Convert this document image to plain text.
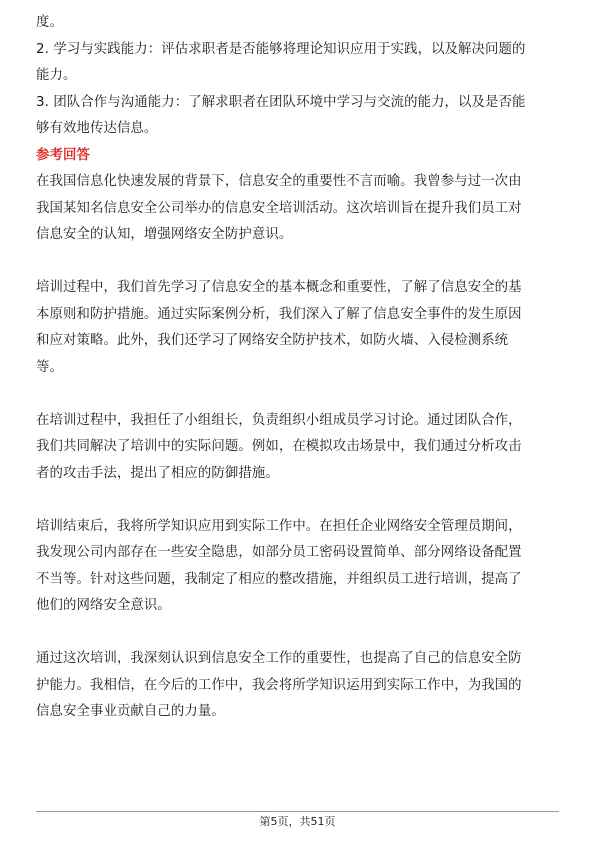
度。
2. 学习与实践能力：评估求职者是否能够将理论知识应用于实践，以及解决问题的
能力。
3. 团队合作与沟通能力：了解求职者在团队环境中学习与交流的能力，以及是否能
够有效地传达信息。
参考回答
在我国信息化快速发展的背景下，信息安全的重要性不言而喻。我曾参与过一次由
我国某知名信息安全公司举办的信息安全培训活动。这次培训旨在提升我们员工对
信息安全的认知，增强网络安全防护意识。
培训过程中，我们首先学习了信息安全的基本概念和重要性，了解了信息安全的基
本原则和防护措施。通过实际案例分析，我们深入了解了信息安全事件的发生原因
和应对策略。此外，我们还学习了网络安全防护技术，如防火墙、入侵检测系统
等。
在培训过程中，我担任了小组组长，负责组织小组成员学习讨论。通过团队合作，
我们共同解决了培训中的实际问题。例如，在模拟攻击场景中，我们通过分析攻击
者的攻击手法，提出了相应的防御措施。
培训结束后，我将所学知识应用到实际工作中。在担任企业网络安全管理员期间，
我发现公司内部存在一些安全隐患，如部分员工密码设置简单、部分网络设备配置
不当等。针对这些问题，我制定了相应的整改措施，并组织员工进行培训，提高了
他们的网络安全意识。
通过这次培训，我深刻认识到信息安全工作的重要性，也提高了自己的信息安全防
护能力。我相信，在今后的工作中，我会将所学知识运用到实际工作中，为我国的
信息安全事业贡献自己的力量。
第5页，共51页
